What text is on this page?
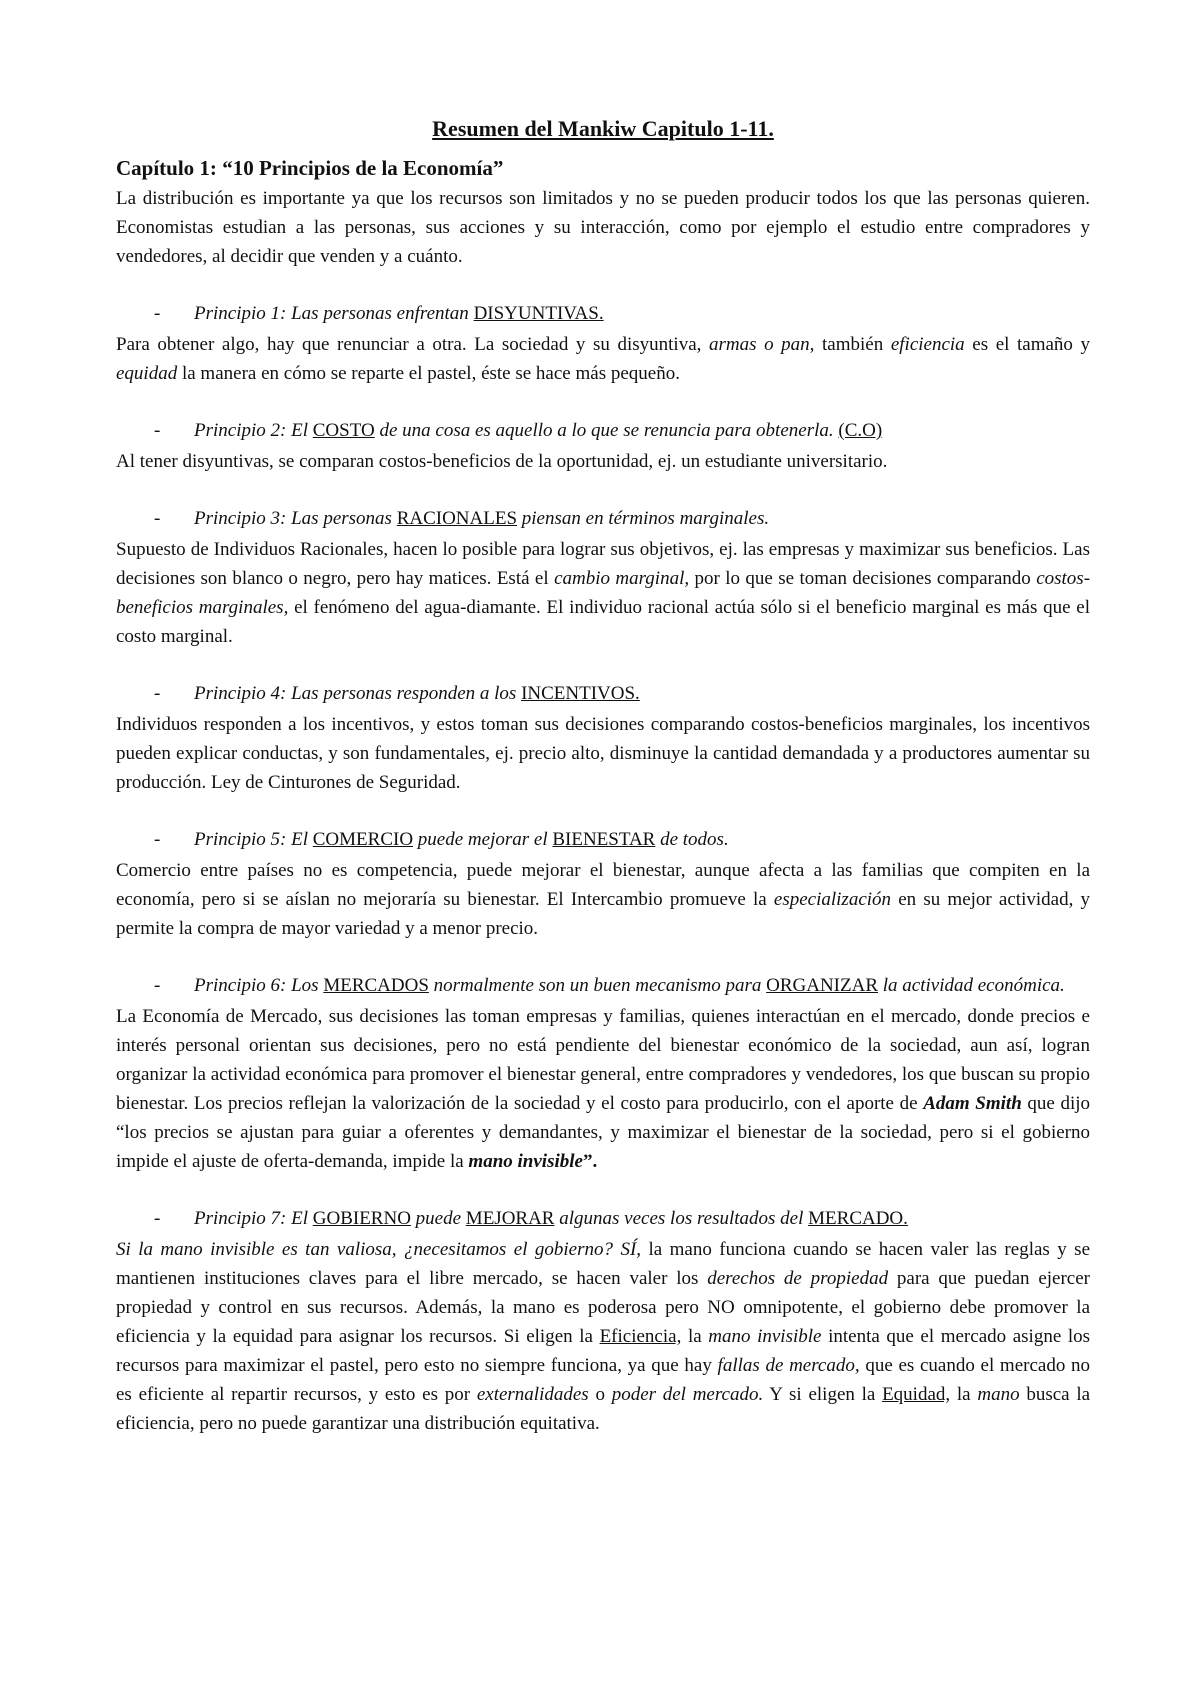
Resumen del Mankiw Capitulo 1-11.
Capítulo 1: “10 Principios de la Economía”

La distribución es importante ya que los recursos son limitados y no se pueden producir todos los que las personas quieren. Economistas estudian a las personas, sus acciones y su interacción, como por ejemplo el estudio entre compradores y vendedores, al decidir que venden y a cuánto.

-	Principio 1: Las personas enfrentan DISYUNTIVAS.

Para obtener algo, hay que renunciar a otra. La sociedad y su disyuntiva, armas o pan, también eficiencia es el tamaño y equidad la manera en cómo se reparte el pastel, éste se hace más pequeño.

-	Principio 2: El COSTO de una cosa es aquello a lo que se renuncia para obtenerla. (C.O)

Al tener disyuntivas, se comparan costos-beneficios de la oportunidad, ej. un estudiante universitario.

-	Principio 3: Las personas RACIONALES piensan en términos marginales.

Supuesto de Individuos Racionales, hacen lo posible para lograr sus objetivos, ej. las empresas y maximizar sus beneficios. Las decisiones son blanco o negro, pero hay matices. Está el cambio marginal, por lo que se toman decisiones comparando costos-beneficios marginales, el fenómeno del agua-diamante. El individuo racional actúa sólo si el beneficio marginal es más que el costo marginal.

-	Principio 4: Las personas responden a los INCENTIVOS.

Individuos responden a los incentivos, y estos toman sus decisiones comparando costos-beneficios marginales, los incentivos pueden explicar conductas, y son fundamentales, ej. precio alto, disminuye la cantidad demandada y a productores aumentar su producción. Ley de Cinturones de Seguridad.

-	Principio 5: El COMERCIO puede mejorar el BIENESTAR de todos.

Comercio entre países no es competencia, puede mejorar el bienestar, aunque afecta a las familias que compiten en la economía, pero si se aíslan no mejoraría su bienestar. El Intercambio promueve la especialización en su mejor actividad, y permite la compra de mayor variedad y a menor precio.

-	Principio 6: Los MERCADOS normalmente son un buen mecanismo para ORGANIZAR la actividad económica.

La Economía de Mercado, sus decisiones las toman empresas y familias, quienes interactúan en el mercado, donde precios e interés personal orientan sus decisiones, pero no está pendiente del bienestar económico de la sociedad, aun así, logran organizar la actividad económica para promover el bienestar general, entre compradores y vendedores, los que buscan su propio bienestar. Los precios reflejan la valorización de la sociedad y el costo para producirlo, con el aporte de Adam Smith que dijo “los precios se ajustan para guiar a oferentes y demandantes, y maximizar el bienestar de la sociedad, pero si el gobierno impide el ajuste de oferta-demanda, impide la mano invisible”.

-	Principio 7: El GOBIERNO puede MEJORAR algunas veces los resultados del MERCADO.

Si la mano invisible es tan valiosa, ¿necesitamos el gobierno? SÍ, la mano funciona cuando se hacen valer las reglas y se mantienen instituciones claves para el libre mercado, se hacen valer los derechos de propiedad para que puedan ejercer propiedad y control en sus recursos. Además, la mano es poderosa pero NO omnipotente, el gobierno debe promover la eficiencia y la equidad para asignar los recursos. Si eligen la Eficiencia, la mano invisible intenta que el mercado asigne los recursos para maximizar el pastel, pero esto no siempre funciona, ya que hay fallas de mercado, que es cuando el mercado no es eficiente al repartir recursos, y esto es por externalidades o poder del mercado. Y si eligen la Equidad, la mano busca la eficiencia, pero no puede garantizar una distribución equitativa.
